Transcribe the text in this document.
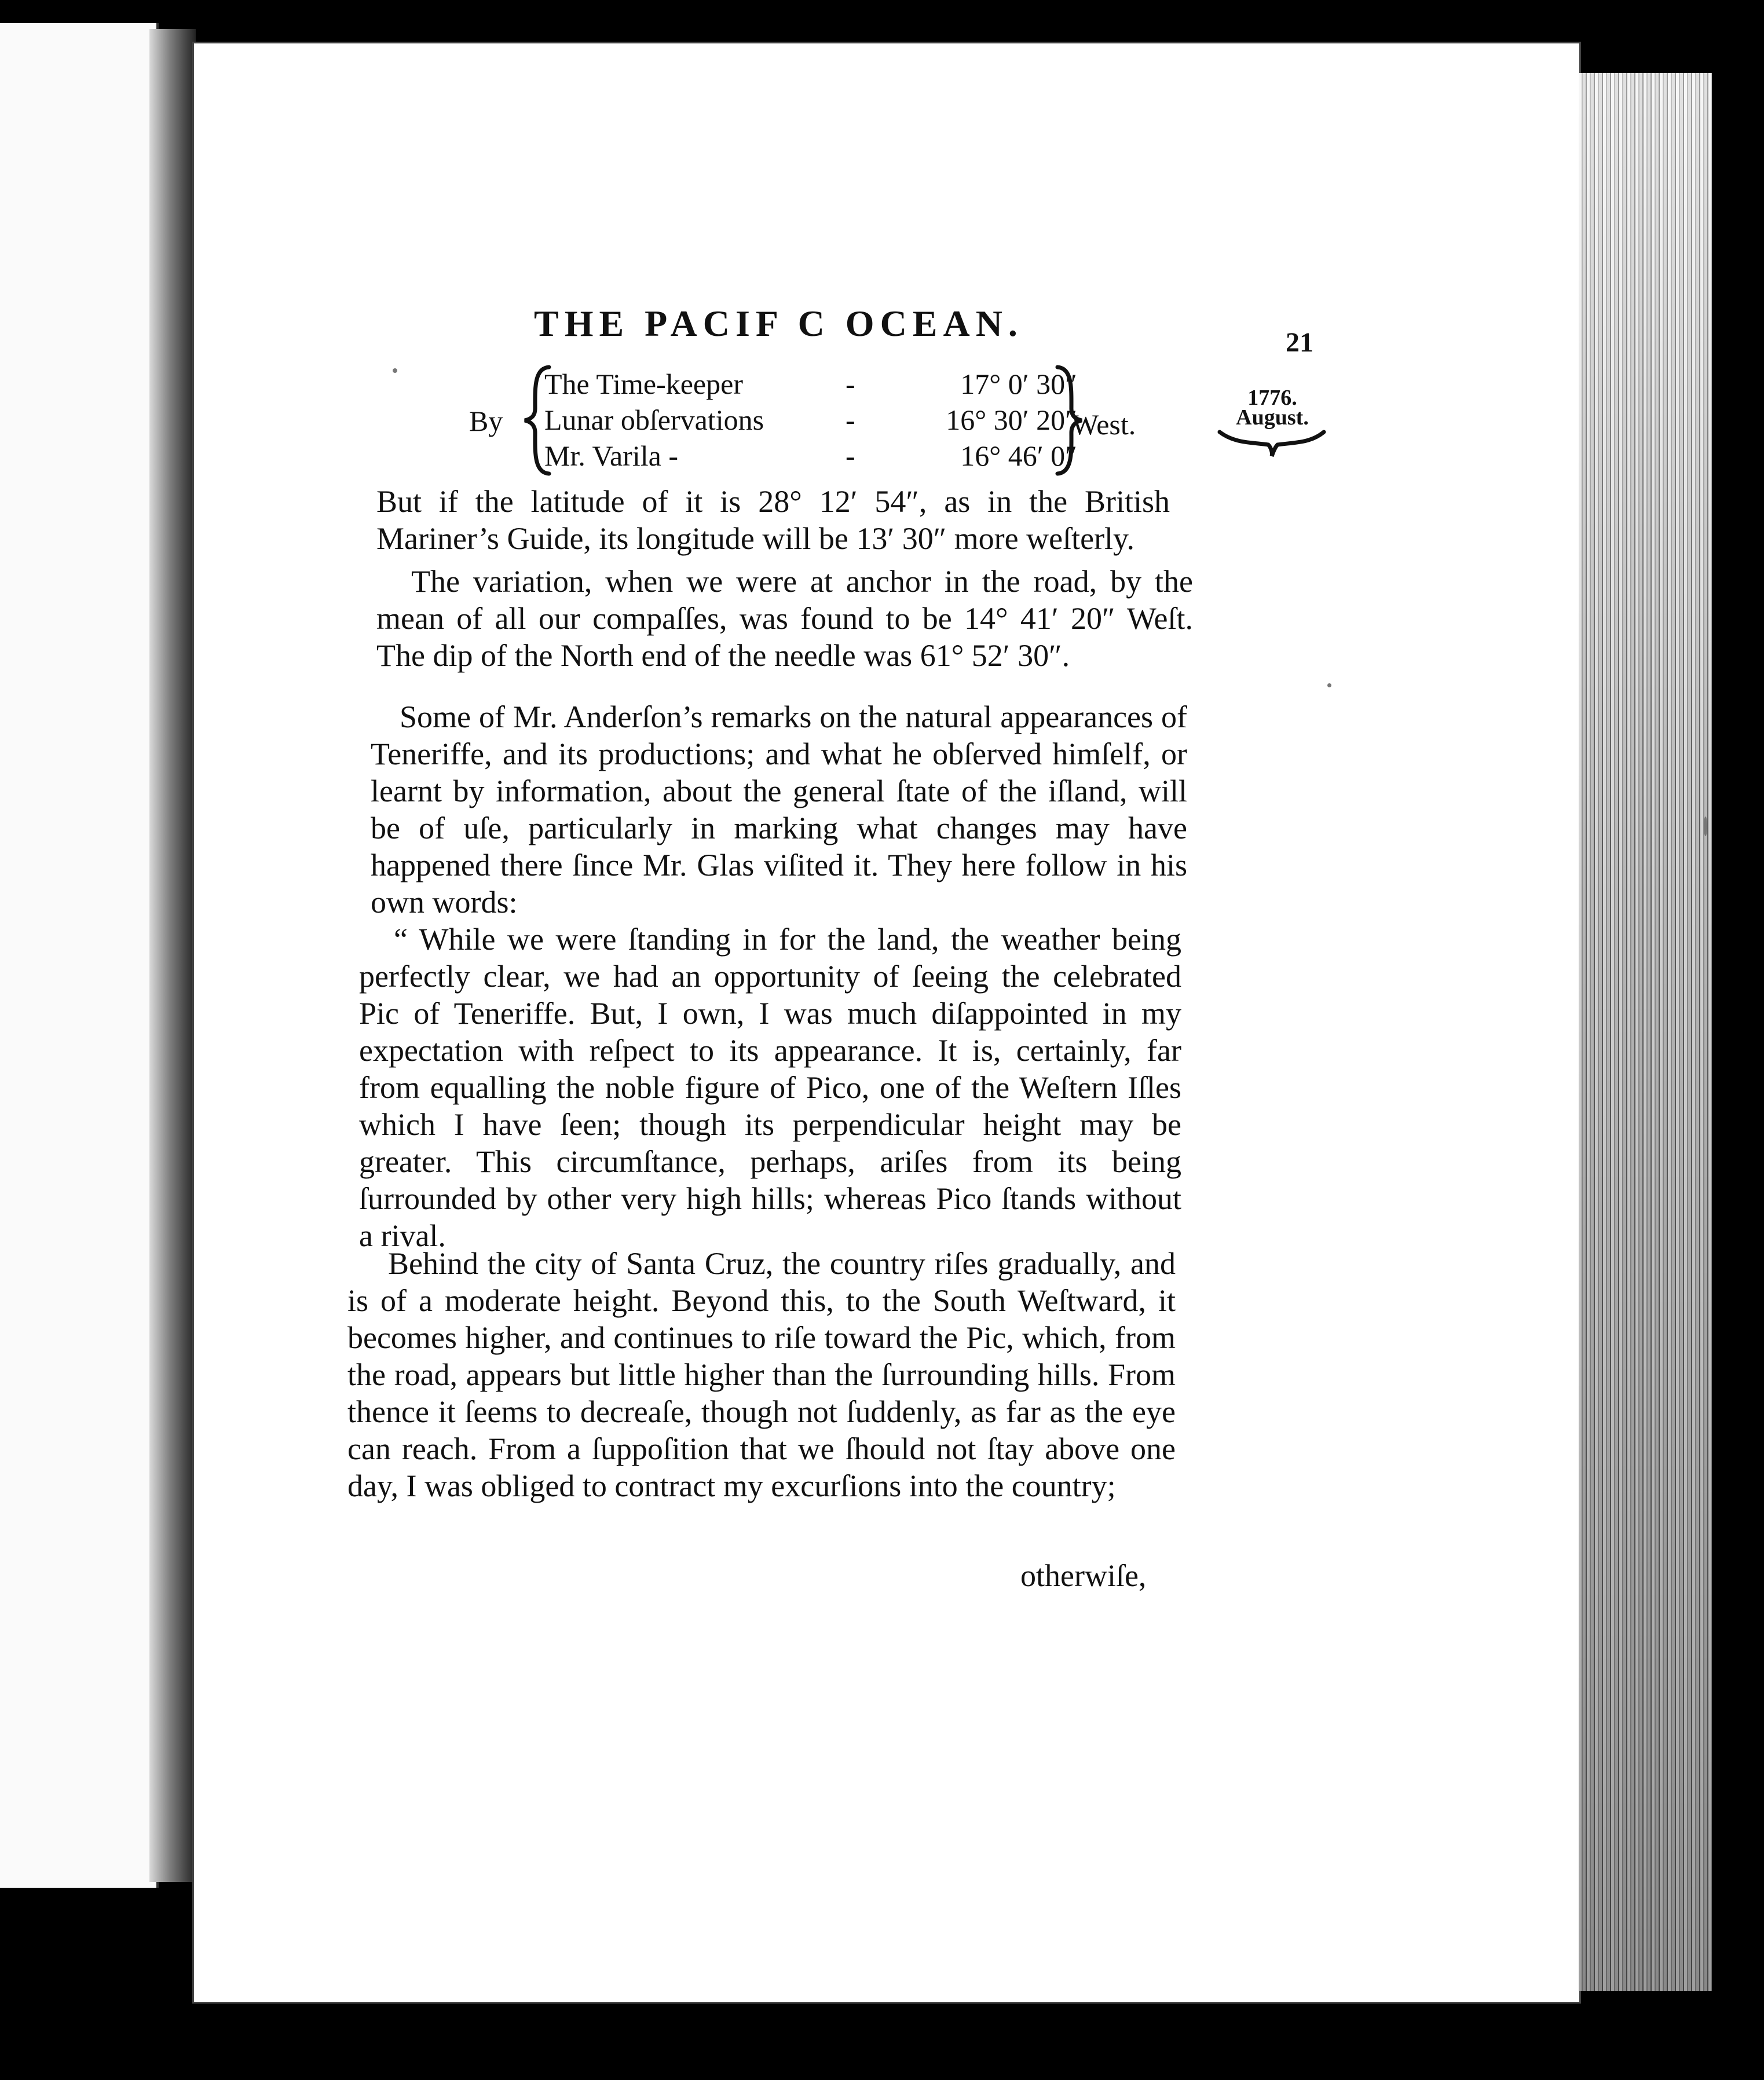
THE PACIF C OCEAN.	21
1776.
August.
By
The Time-keeper	-	17° 0′ 30″
Lunar obſervations	-	16° 30′ 20″
Mr. Varila -	-	16° 46′ 0″
West.

But if the latitude of it is 28° 12′ 54″, as in the British Mariner’s Guide, its longitude will be 13′ 30″ more weſterly.

The variation, when we were at anchor in the road, by the mean of all our compaſſes, was found to be 14° 41′ 20″ Weſt. The dip of the North end of the needle was 61° 52′ 30″.

Some of Mr. Anderſon’s remarks on the natural appearances of Teneriffe, and its productions; and what he obſerved himſelf, or learnt by information, about the general ſtate of the iſland, will be of uſe, particularly in marking what changes may have happened there ſince Mr. Glas viſited it. They here follow in his own words:

“ While we were ſtanding in for the land, the weather being perfectly clear, we had an opportunity of ſeeing the celebrated Pic of Teneriffe. But, I own, I was much diſappointed in my expectation with reſpect to its appearance. It is, certainly, far from equalling the noble figure of Pico, one of the Weſtern Iſles which I have ſeen; though its perpendicular height may be greater. This circumſtance, perhaps, ariſes from its being ſurrounded by other very high hills; whereas Pico ſtands without a rival.

Behind the city of Santa Cruz, the country riſes gradually, and is of a moderate height. Beyond this, to the South Weſtward, it becomes higher, and continues to riſe toward the Pic, which, from the road, appears but little higher than the ſurrounding hills. From thence it ſeems to decreaſe, though not ſuddenly, as far as the eye can reach. From a ſuppoſition that we ſhould not ſtay above one day, I was obliged to contract my excurſions into the country;

otherwiſe,
